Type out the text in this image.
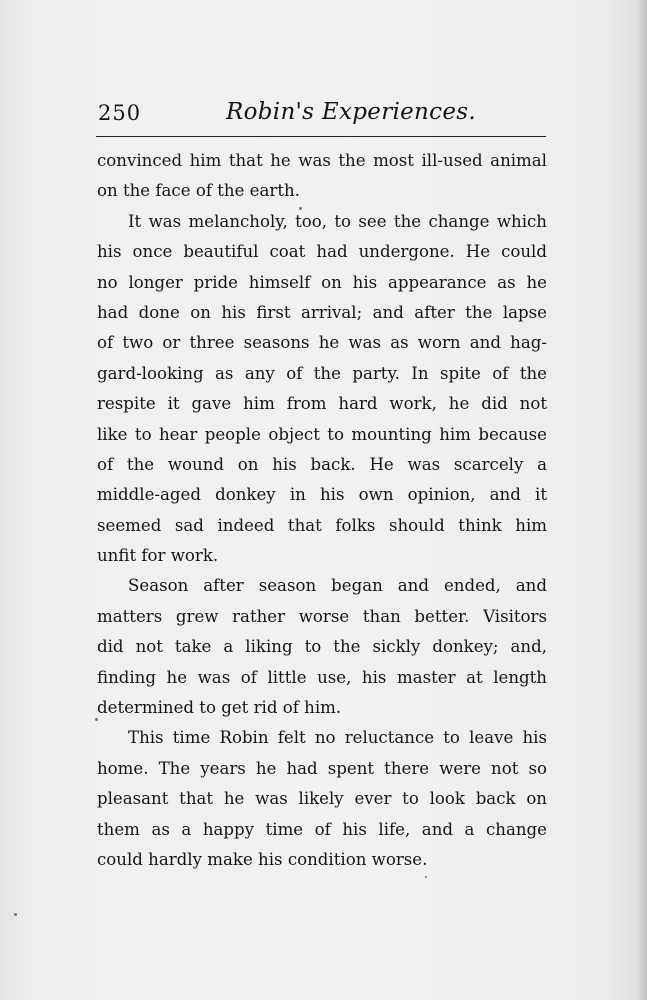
250	Robin's Experiences.
convinced him that he was the most ill-used animal
on the face of the earth.
It was melancholy, too, to see the change which
his once beautiful coat had undergone. He could
no longer pride himself on his appearance as he
had done on his first arrival; and after the lapse
of two or three seasons he was as worn and hag-
gard-looking as any of the party. In spite of the
respite it gave him from hard work, he did not
like to hear people object to mounting him because
of the wound on his back. He was scarcely a
middle-aged donkey in his own opinion, and it
seemed sad indeed that folks should think him
unfit for work.
Season after season began and ended, and
matters grew rather worse than better. Visitors
did not take a liking to the sickly donkey; and,
finding he was of little use, his master at length
determined to get rid of him.
This time Robin felt no reluctance to leave his
home. The years he had spent there were not so
pleasant that he was likely ever to look back on
them as a happy time of his life, and a change
could hardly make his condition worse.
